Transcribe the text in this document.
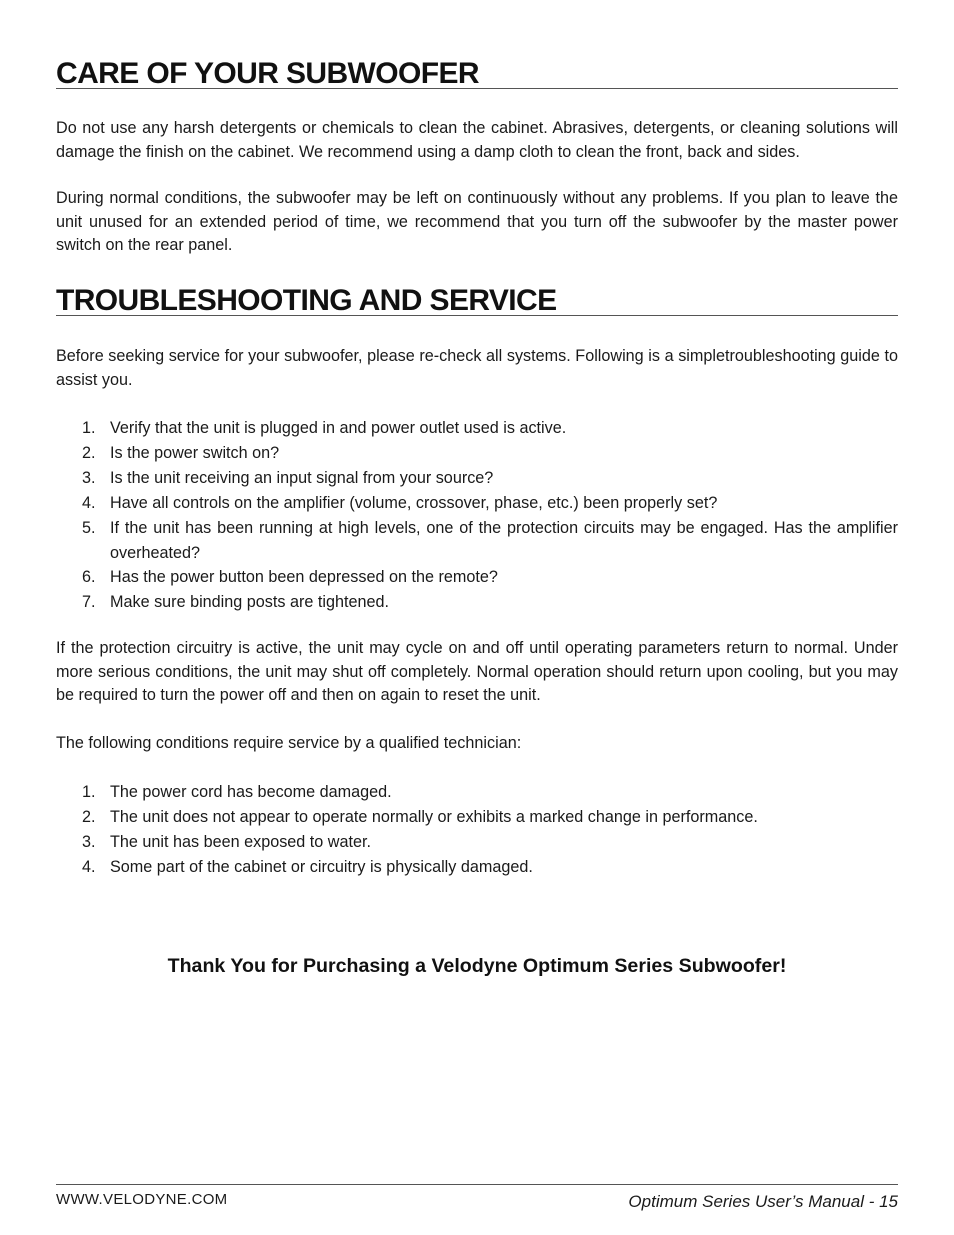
CARE OF YOUR SUBWOOFER

Do not use any harsh detergents or chemicals to clean the cabinet. Abrasives, detergents, or cleaning solutions will damage the finish on the cabinet. We recommend using a damp cloth to clean the front, back and sides.

During normal conditions, the subwoofer may be left on continuously without any problems. If you plan to leave the unit unused for an extended period of time, we recommend that you turn off the subwoofer by the master power switch on the rear panel.

TROUBLESHOOTING AND SERVICE

Before seeking service for your subwoofer, please re-check all systems. Following is a simpletroubleshooting guide to assist you.

1. Verify that the unit is plugged in and power outlet used is active.
2. Is the power switch on?
3. Is the unit receiving an input signal from your source?
4. Have all controls on the amplifier (volume, crossover, phase, etc.) been properly set?
5. If the unit has been running at high levels, one of the protection circuits may be engaged. Has the amplifier overheated?
6. Has the power button been depressed on the remote?
7. Make sure binding posts are tightened.

If the protection circuitry is active, the unit may cycle on and off until operating parameters return to normal. Under more serious conditions, the unit may shut off completely. Normal operation should return upon cooling, but you may be required to turn the power off and then on again to reset the unit.

The following conditions require service by a qualified technician:

1. The power cord has become damaged.
2. The unit does not appear to operate normally or exhibits a marked change in performance.
3. The unit has been exposed to water.
4. Some part of the cabinet or circuitry is physically damaged.

Thank You for Purchasing a Velodyne Optimum Series Subwoofer!

WWW.VELODYNE.COM	Optimum Series User’s Manual - 15
